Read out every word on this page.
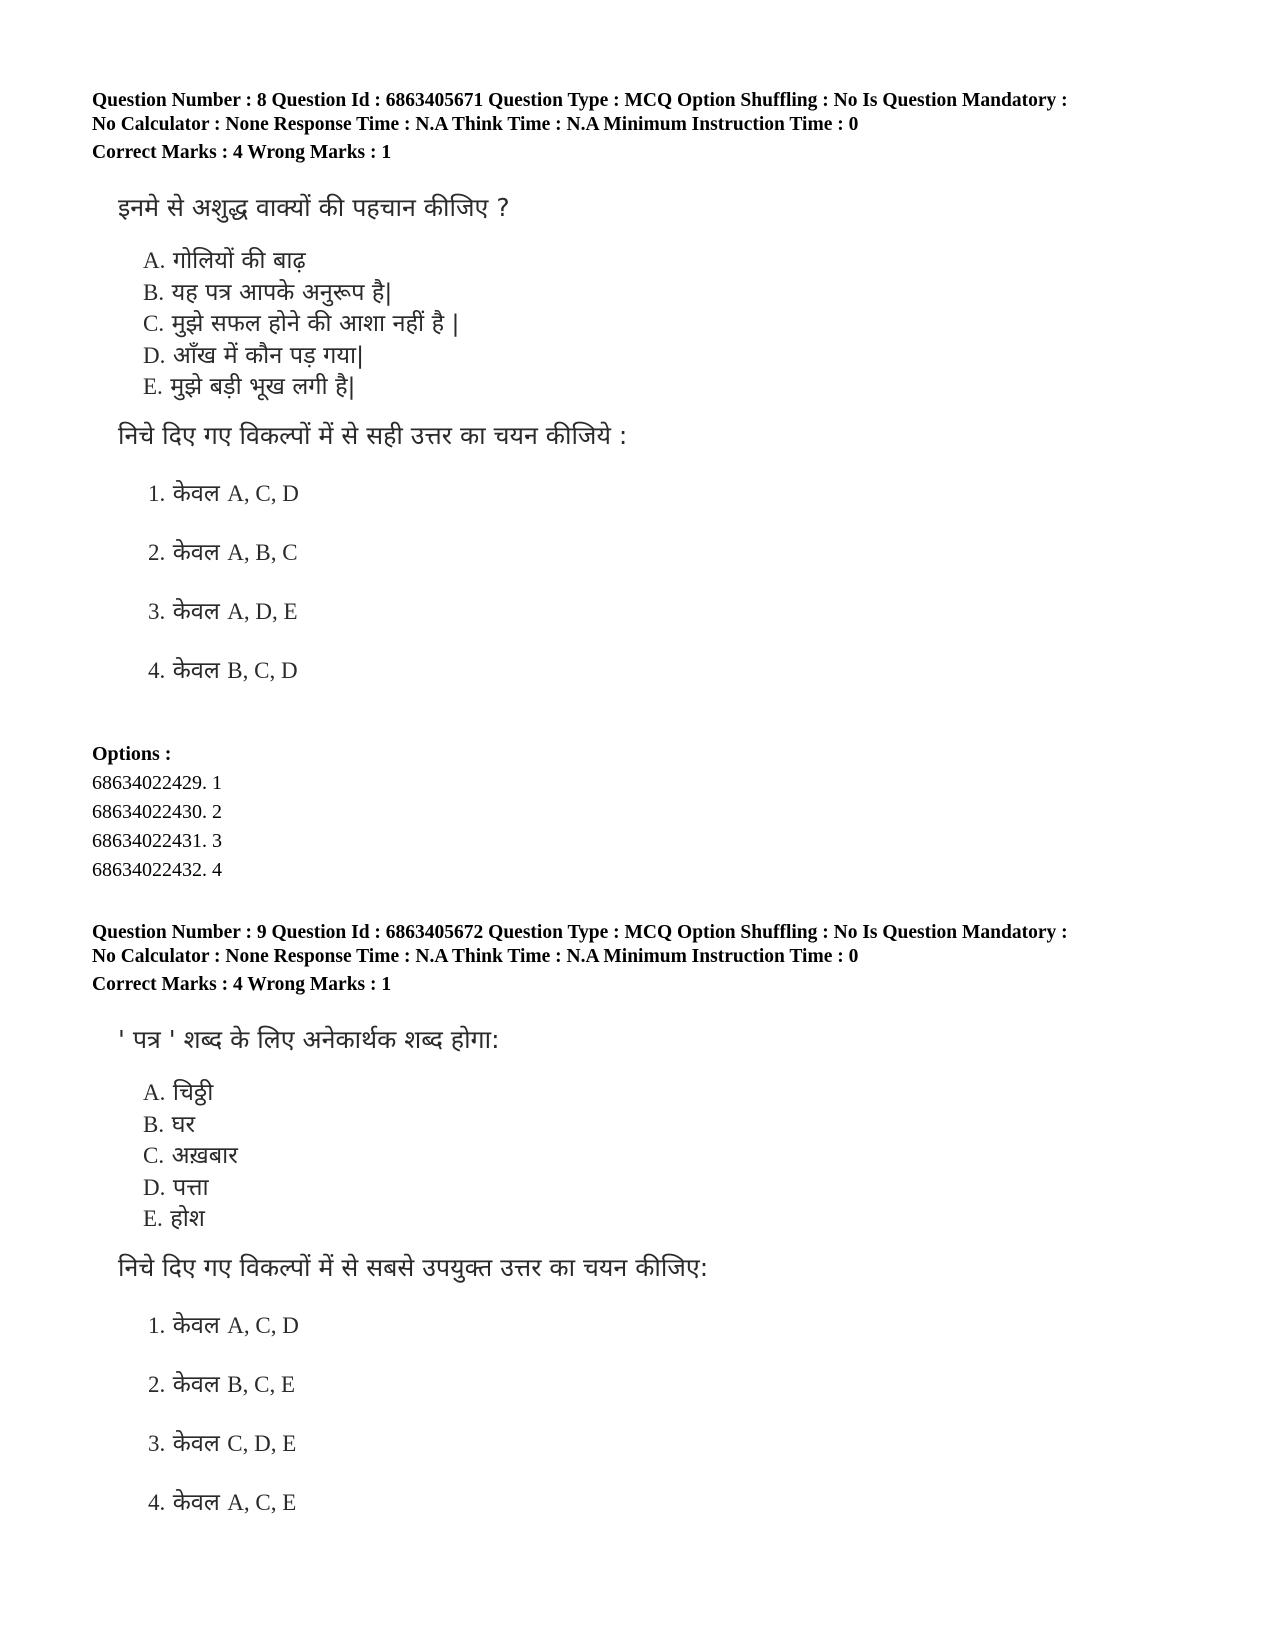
Question Number : 8 Question Id : 6863405671 Question Type : MCQ Option Shuffling : No Is Question Mandatory :
No Calculator : None Response Time : N.A Think Time : N.A Minimum Instruction Time : 0
Correct Marks : 4 Wrong Marks : 1
इनमे से अशुद्ध वाक्यों की पहचान कीजिए ?
A. गोलियों की बाढ़
B. यह पत्र आपके अनुरूप है|
C. मुझे सफल होने की आशा नहीं है |
D. आँख में कौन पड़ गया|
E. मुझे बड़ी भूख लगी है|
निचे दिए गए विकल्पों में से सही उत्तर का चयन कीजिये :
1. केवल A, C, D
2. केवल A, B, C
3. केवल A, D, E
4. केवल B, C, D
Options :
68634022429. 1
68634022430. 2
68634022431. 3
68634022432. 4
Question Number : 9 Question Id : 6863405672 Question Type : MCQ Option Shuffling : No Is Question Mandatory :
No Calculator : None Response Time : N.A Think Time : N.A Minimum Instruction Time : 0
Correct Marks : 4 Wrong Marks : 1
' पत्र ' शब्द के लिए अनेकार्थक शब्द होगा:
A. चिठ्ठी
B. घर
C. अख़बार
D. पत्ता
E. होश
निचे दिए गए विकल्पों में से सबसे उपयुक्त उत्तर का चयन कीजिए:
1. केवल A, C, D
2. केवल B, C, E
3. केवल C, D, E
4. केवल A, C, E
